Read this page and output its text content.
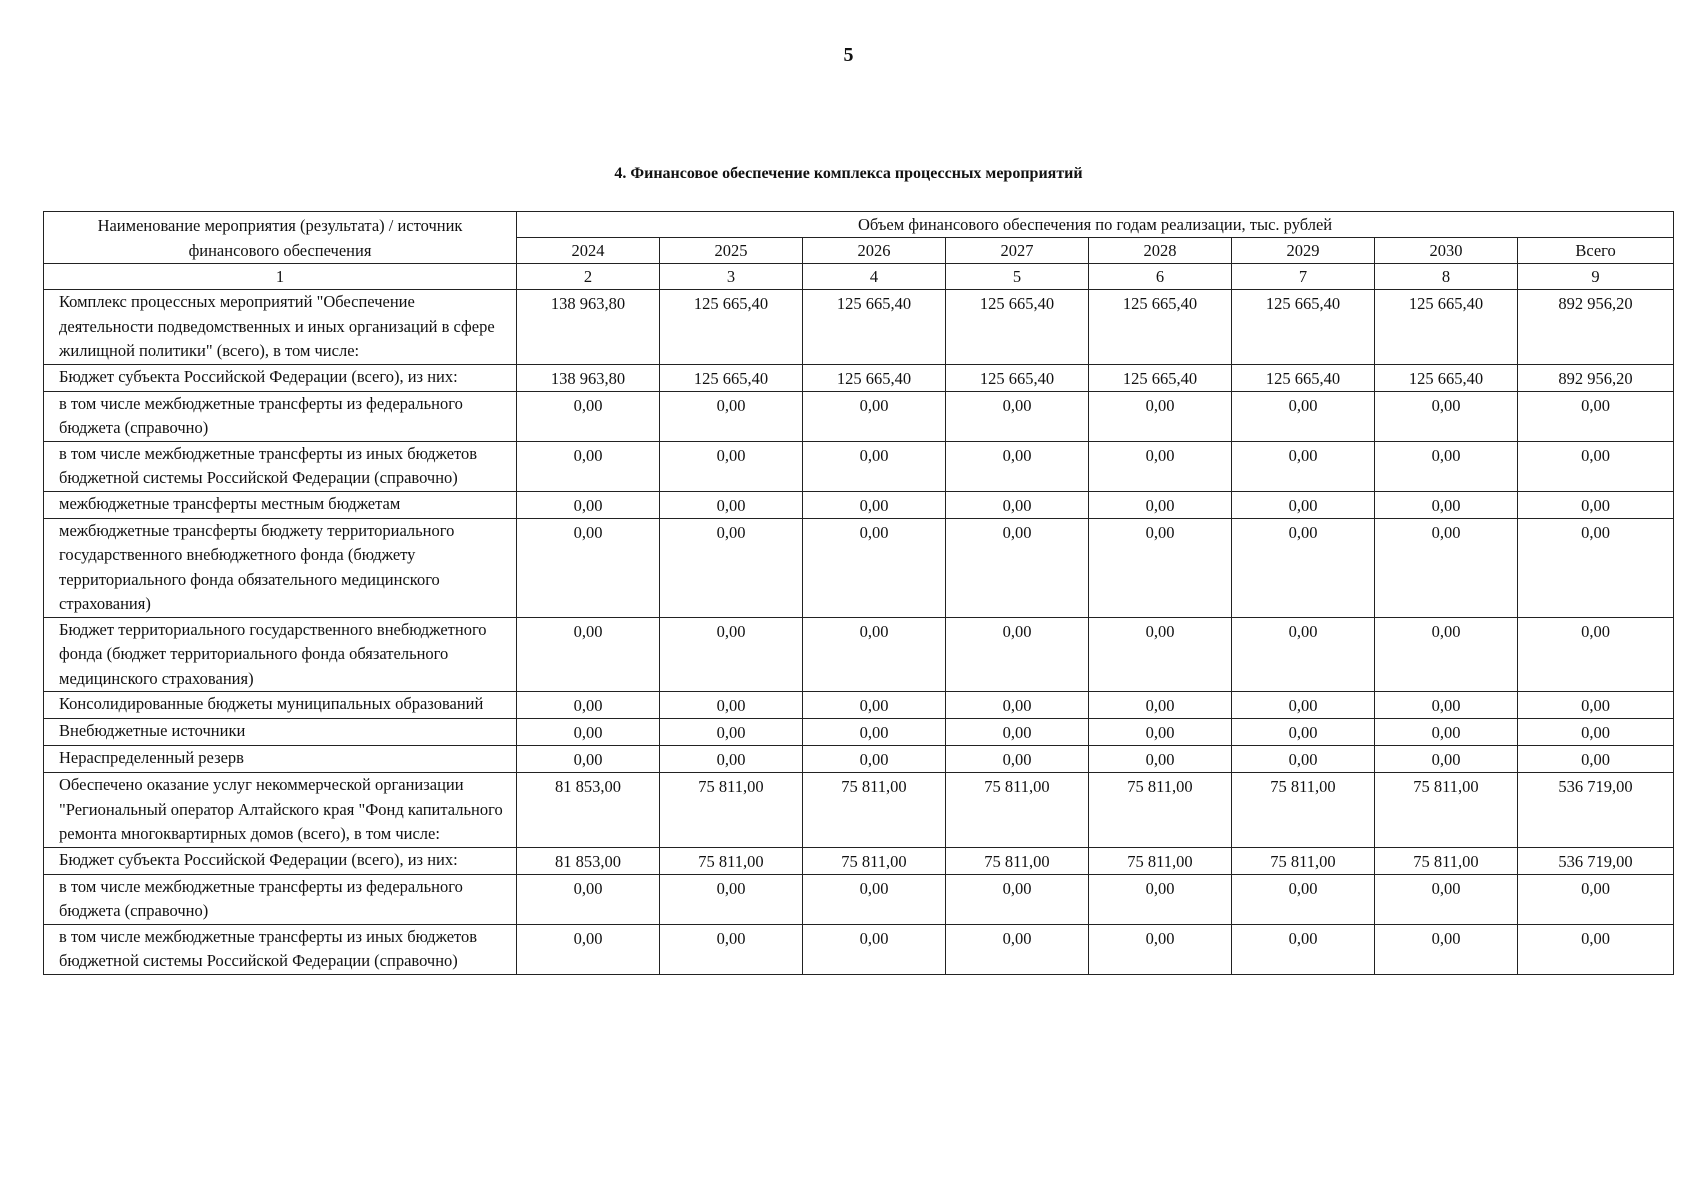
5
4. Финансовое обеспечение комплекса процессных мероприятий
Наименование мероприятия (результата) / источник финансового обеспечения	Объем финансового обеспечения по годам реализации, тыс. рублей							
	2024	2025	2026	2027	2028	2029	2030	Всего
1	2	3	4	5	6	7	8	9
Комплекс процессных мероприятий "Обеспечение деятельности подведомственных и иных организаций в сфере жилищной политики" (всего), в том числе:	138 963,80	125 665,40	125 665,40	125 665,40	125 665,40	125 665,40	125 665,40	892 956,20
Бюджет субъекта Российской Федерации (всего), из них:	138 963,80	125 665,40	125 665,40	125 665,40	125 665,40	125 665,40	125 665,40	892 956,20
в том числе межбюджетные трансферты из федерального бюджета (справочно)	0,00	0,00	0,00	0,00	0,00	0,00	0,00	0,00
в том числе межбюджетные трансферты из иных бюджетов бюджетной системы Российской Федерации (справочно)	0,00	0,00	0,00	0,00	0,00	0,00	0,00	0,00
межбюджетные трансферты местным бюджетам	0,00	0,00	0,00	0,00	0,00	0,00	0,00	0,00
межбюджетные трансферты бюджету территориального государственного внебюджетного фонда (бюджету территориального фонда обязательного медицинского страхования)	0,00	0,00	0,00	0,00	0,00	0,00	0,00	0,00
Бюджет территориального государственного внебюджетного фонда (бюджет территориального фонда обязательного медицинского страхования)	0,00	0,00	0,00	0,00	0,00	0,00	0,00	0,00
Консолидированные бюджеты муниципальных образований	0,00	0,00	0,00	0,00	0,00	0,00	0,00	0,00
Внебюджетные источники	0,00	0,00	0,00	0,00	0,00	0,00	0,00	0,00
Нераспределенный резерв	0,00	0,00	0,00	0,00	0,00	0,00	0,00	0,00
Обеспечено оказание услуг некоммерческой организации "Региональный оператор Алтайского края "Фонд капитального ремонта многоквартирных домов (всего), в том числе:	81 853,00	75 811,00	75 811,00	75 811,00	75 811,00	75 811,00	75 811,00	536 719,00
Бюджет субъекта Российской Федерации (всего), из них:	81 853,00	75 811,00	75 811,00	75 811,00	75 811,00	75 811,00	75 811,00	536 719,00
в том числе межбюджетные трансферты из федерального бюджета (справочно)	0,00	0,00	0,00	0,00	0,00	0,00	0,00	0,00
в том числе межбюджетные трансферты из иных бюджетов бюджетной системы Российской Федерации (справочно)	0,00	0,00	0,00	0,00	0,00	0,00	0,00	0,00
